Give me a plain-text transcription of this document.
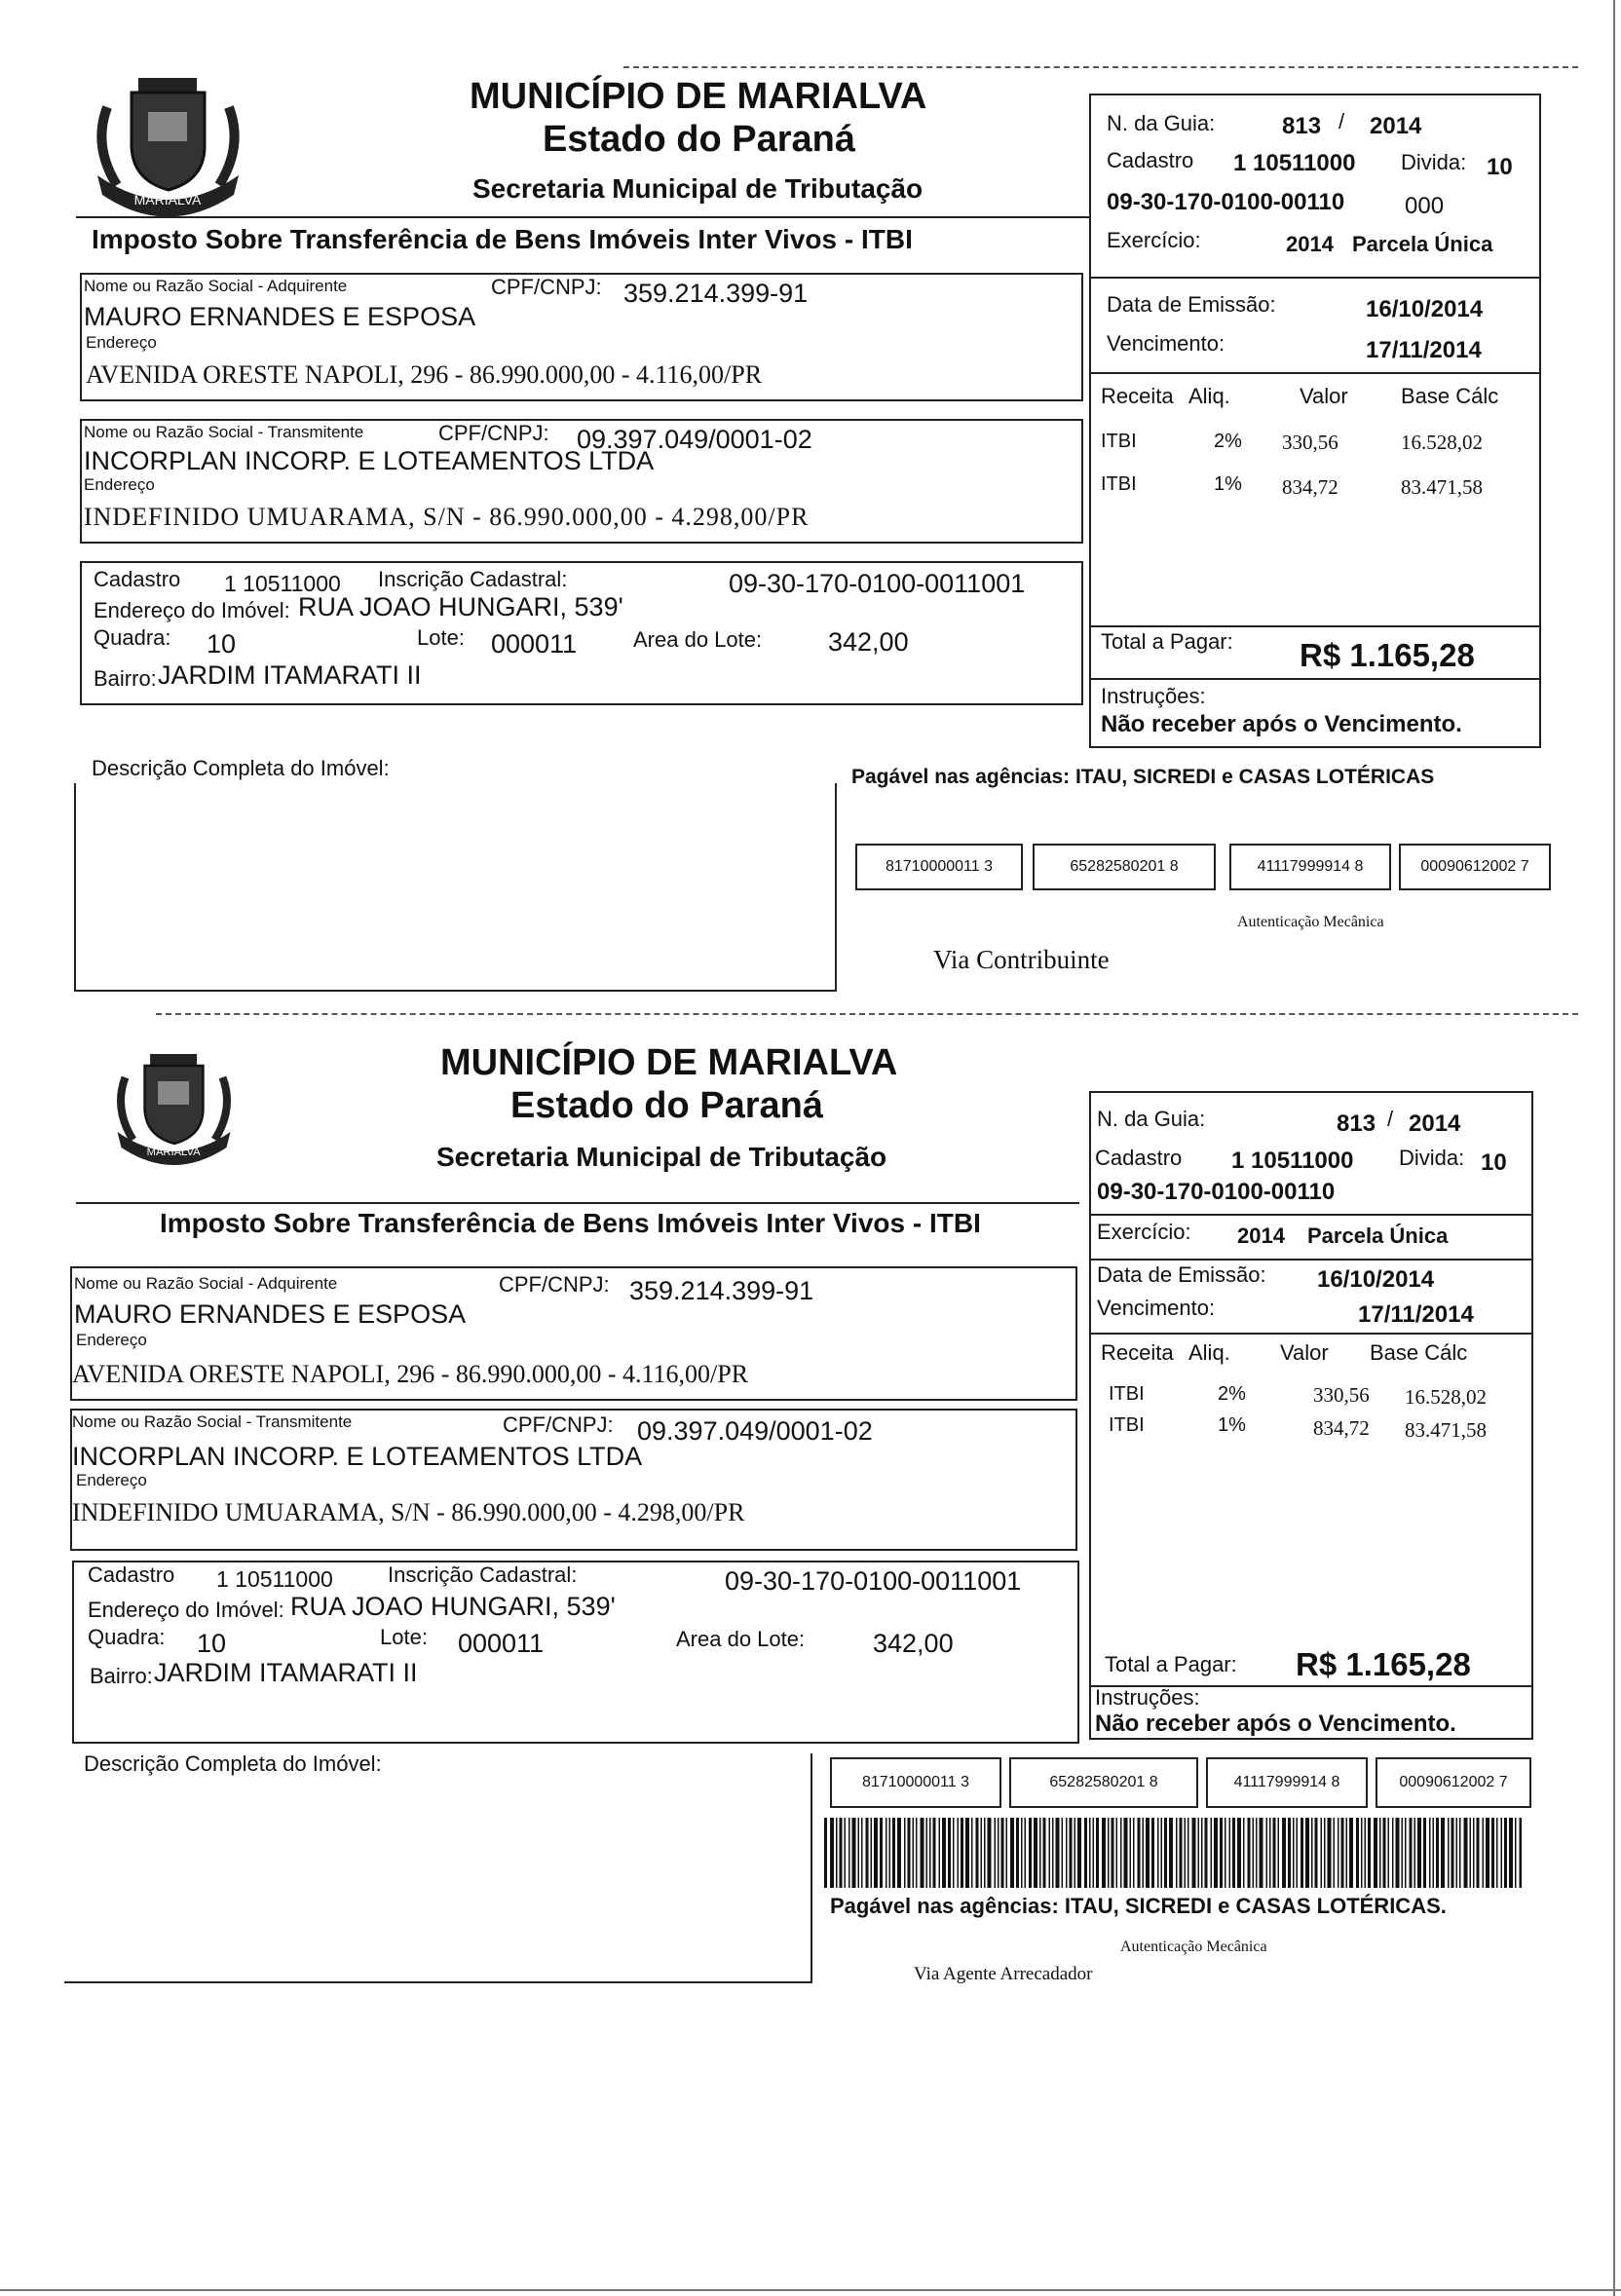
MARIALVA
MUNICÍPIO DE MARIALVA
Estado do Paraná
Secretaria Municipal de Tributação
Imposto Sobre Transferência de Bens Imóveis Inter Vivos - ITBI
Nome ou Razão Social - Adquirente	CPF/CNPJ: 359.214.399-91
MAURO ERNANDES E ESPOSA
Endereço
AVENIDA ORESTE NAPOLI, 296 - 86.990.000,00 - 4.116,00/PR
Nome ou Razão Social - Transmitente	CPF/CNPJ: 09.397.049/0001-02
INCORPLAN INCORP. E LOTEAMENTOS LTDA
Endereço
INDEFINIDO UMUARAMA, S/N - 86.990.000,00 - 4.298,00/PR
Cadastro 1 10511000 Inscrição Cadastral:	09-30-170-0100-0011001
Endereço do Imóvel: RUA JOAO HUNGARI, 539'
Quadra: 10	Lote: 000011	Area do Lote:	342,00
Bairro: JARDIM ITAMARATI II
Descrição Completa do Imóvel:
N. da Guia:	813 / 2014
Cadastro 1 10511000 Divida: 10
09-30-170-0100-00110	000
Exercício:	2014 Parcela Única
Data de Emissão:	16/10/2014
Vencimento:	17/11/2014
Receita Aliq.	Valor Base Cálc
ITBI	2% 330,56	16.528,02
ITBI	1% 834,72	83.471,58
Total a Pagar: R$ 1.165,28
Instruções:
Não receber após o Vencimento.
Pagável nas agências: ITAU, SICREDI e CASAS LOTÉRICAS
81710000011 3	65282580201 8	41117999914 8	00090612002 7
Autenticação Mecânica
Via Contribuinte
MARIALVA
MUNICÍPIO DE MARIALVA
Estado do Paraná
Secretaria Municipal de Tributação
Imposto Sobre Transferência de Bens Imóveis Inter Vivos - ITBI
Nome ou Razão Social - Adquirente	CPF/CNPJ: 359.214.399-91
MAURO ERNANDES E ESPOSA
Endereço
AVENIDA ORESTE NAPOLI, 296 - 86.990.000,00 - 4.116,00/PR
Nome ou Razão Social - Transmitente	CPF/CNPJ: 09.397.049/0001-02
INCORPLAN INCORP. E LOTEAMENTOS LTDA
Endereço
INDEFINIDO UMUARAMA, S/N - 86.990.000,00 - 4.298,00/PR
Cadastro 1 10511000	Inscrição Cadastral:	09-30-170-0100-0011001
Endereço do Imóvel: RUA JOAO HUNGARI, 539'
Quadra: 10	Lote: 000011	Area do Lote:	342,00
Bairro: JARDIM ITAMARATI II
Descrição Completa do Imóvel:
N. da Guia:	813 / 2014
Cadastro 1 10511000 Divida: 10
09-30-170-0100-00110
Exercício: 2014 Parcela Única
Data de Emissão: 16/10/2014
Vencimento:	17/11/2014
Receita Aliq. Valor Base Cálc
ITBI	2%	330,56 16.528,02
ITBI	1%	834,72 83.471,58
Total a Pagar: R$ 1.165,28
Instruções:
Não receber após o Vencimento.
81710000011 3	65282580201 8	41117999914 8	00090612002 7
Pagável nas agências: ITAU, SICREDI e CASAS LOTÉRICAS.
Autenticação Mecânica
Via Agente Arrecadador
